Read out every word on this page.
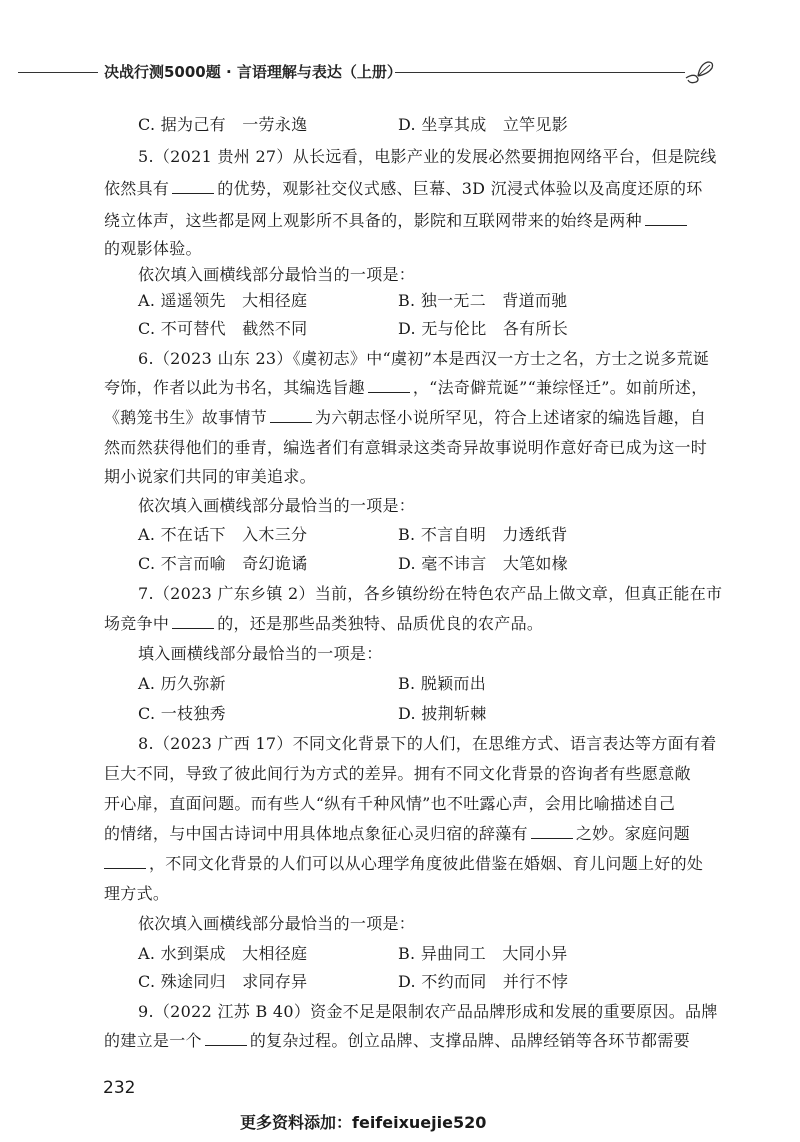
决战行测5000题 · 言语理解与表达（上册）
C. 据为己有　一劳永逸	D. 坐享其成　立竿见影
5.（2021 贵州 27）从长远看，电影产业的发展必然要拥抱网络平台，但是院线
依然具有	的优势，观影社交仪式感、巨幕、3D 沉浸式体验以及高度还原的环
绕立体声，这些都是网上观影所不具备的，影院和互联网带来的始终是两种
的观影体验。
依次填入画横线部分最恰当的一项是：
A. 遥遥领先　大相径庭	B. 独一无二　背道而驰
C. 不可替代　截然不同	D. 无与伦比　各有所长
6.（2023 山东 23）《虞初志》中“虞初”本是西汉一方士之名，方士之说多荒诞
夸饰，作者以此为书名，其编选旨趣	，“法奇僻荒诞”“兼综怪迁”。如前所述，
《鹅笼书生》故事情节	为六朝志怪小说所罕见，符合上述诸家的编选旨趣，自
然而然获得他们的垂青，编选者们有意辑录这类奇异故事说明作意好奇已成为这一时
期小说家们共同的审美追求。
依次填入画横线部分最恰当的一项是：
A. 不在话下　入木三分	B. 不言自明　力透纸背
C. 不言而喻　奇幻诡谲	D. 毫不讳言　大笔如椽
7.（2023 广东乡镇 2）当前，各乡镇纷纷在特色农产品上做文章，但真正能在市
场竞争中	的，还是那些品类独特、品质优良的农产品。
填入画横线部分最恰当的一项是：
A. 历久弥新	B. 脱颖而出
C. 一枝独秀	D. 披荆斩棘
8.（2023 广西 17）不同文化背景下的人们，在思维方式、语言表达等方面有着
巨大不同，导致了彼此间行为方式的差异。拥有不同文化背景的咨询者有些愿意敞
开心扉，直面问题。而有些人“纵有千种风情”也不吐露心声，会用比喻描述自己
的情绪，与中国古诗词中用具体地点象征心灵归宿的辞藻有	之妙。家庭问题
，不同文化背景的人们可以从心理学角度彼此借鉴在婚姻、育儿问题上好的处
理方式。
依次填入画横线部分最恰当的一项是：
A. 水到渠成　大相径庭	B. 异曲同工　大同小异
C. 殊途同归　求同存异	D. 不约而同　并行不悖
9.（2022 江苏 B 40）资金不足是限制农产品品牌形成和发展的重要原因。品牌
的建立是一个	的复杂过程。创立品牌、支撑品牌、品牌经销等各环节都需要
232
更多资料添加：feifeixuejie520
